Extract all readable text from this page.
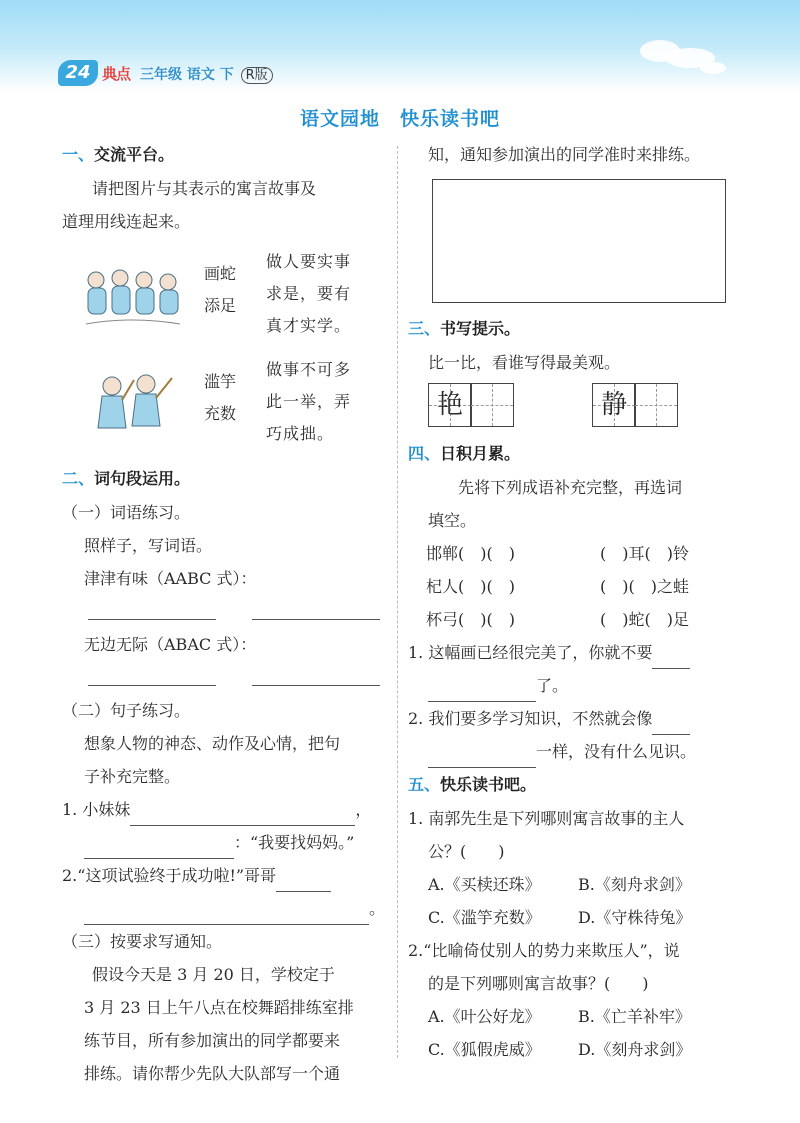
24 典点 三年级 语文 下 R版
语文园地　快乐读书吧
一、交流平台。
请把图片与其表示的寓言故事及
道理用线连起来。
画蛇
添足
做人要实事
求是，要有
真才实学。
滥竽
充数
做事不可多
此一举，弄
巧成拙。
二、词句段运用。
（一）词语练习。
照样子，写词语。
津津有味（AABC 式）：
无边无际（ABAC 式）：
（二）句子练习。
想象人物的神态、动作及心情，把句
子补充完整。
1. 小妹妹	，
：“我要找妈妈。”
2.“这项试验终于成功啦!”哥哥
。
（三）按要求写通知。
假设今天是 3 月 20 日，学校定于
3 月 23 日上午八点在校舞蹈排练室排
练节目，所有参加演出的同学都要来
排练。请你帮少先队大队部写一个通
知，通知参加演出的同学准时来排练。
三、书写提示。
比一比，看谁写得最美观。
艳
	静
四、日积月累。
先将下列成语补充完整，再选词
填空。
邯郸(　)(　)	(　)耳(　)铃
杞人(　)(　)	(　)(　)之蛙
杯弓(　)(　)	(　)蛇(　)足
1. 这幅画已经很完美了，你就不要
了。
2. 我们要多学习知识，不然就会像
一样，没有什么见识。
五、快乐读书吧。
1. 南郭先生是下列哪则寓言故事的主人
公？(　　)
A.《买椟还珠》 B.《刻舟求剑》
C.《滥竽充数》 D.《守株待兔》
2.“比喻倚仗别人的势力来欺压人”，说
的是下列哪则寓言故事？(　　)
A.《叶公好龙》 B.《亡羊补牢》
C.《狐假虎威》 D.《刻舟求剑》
